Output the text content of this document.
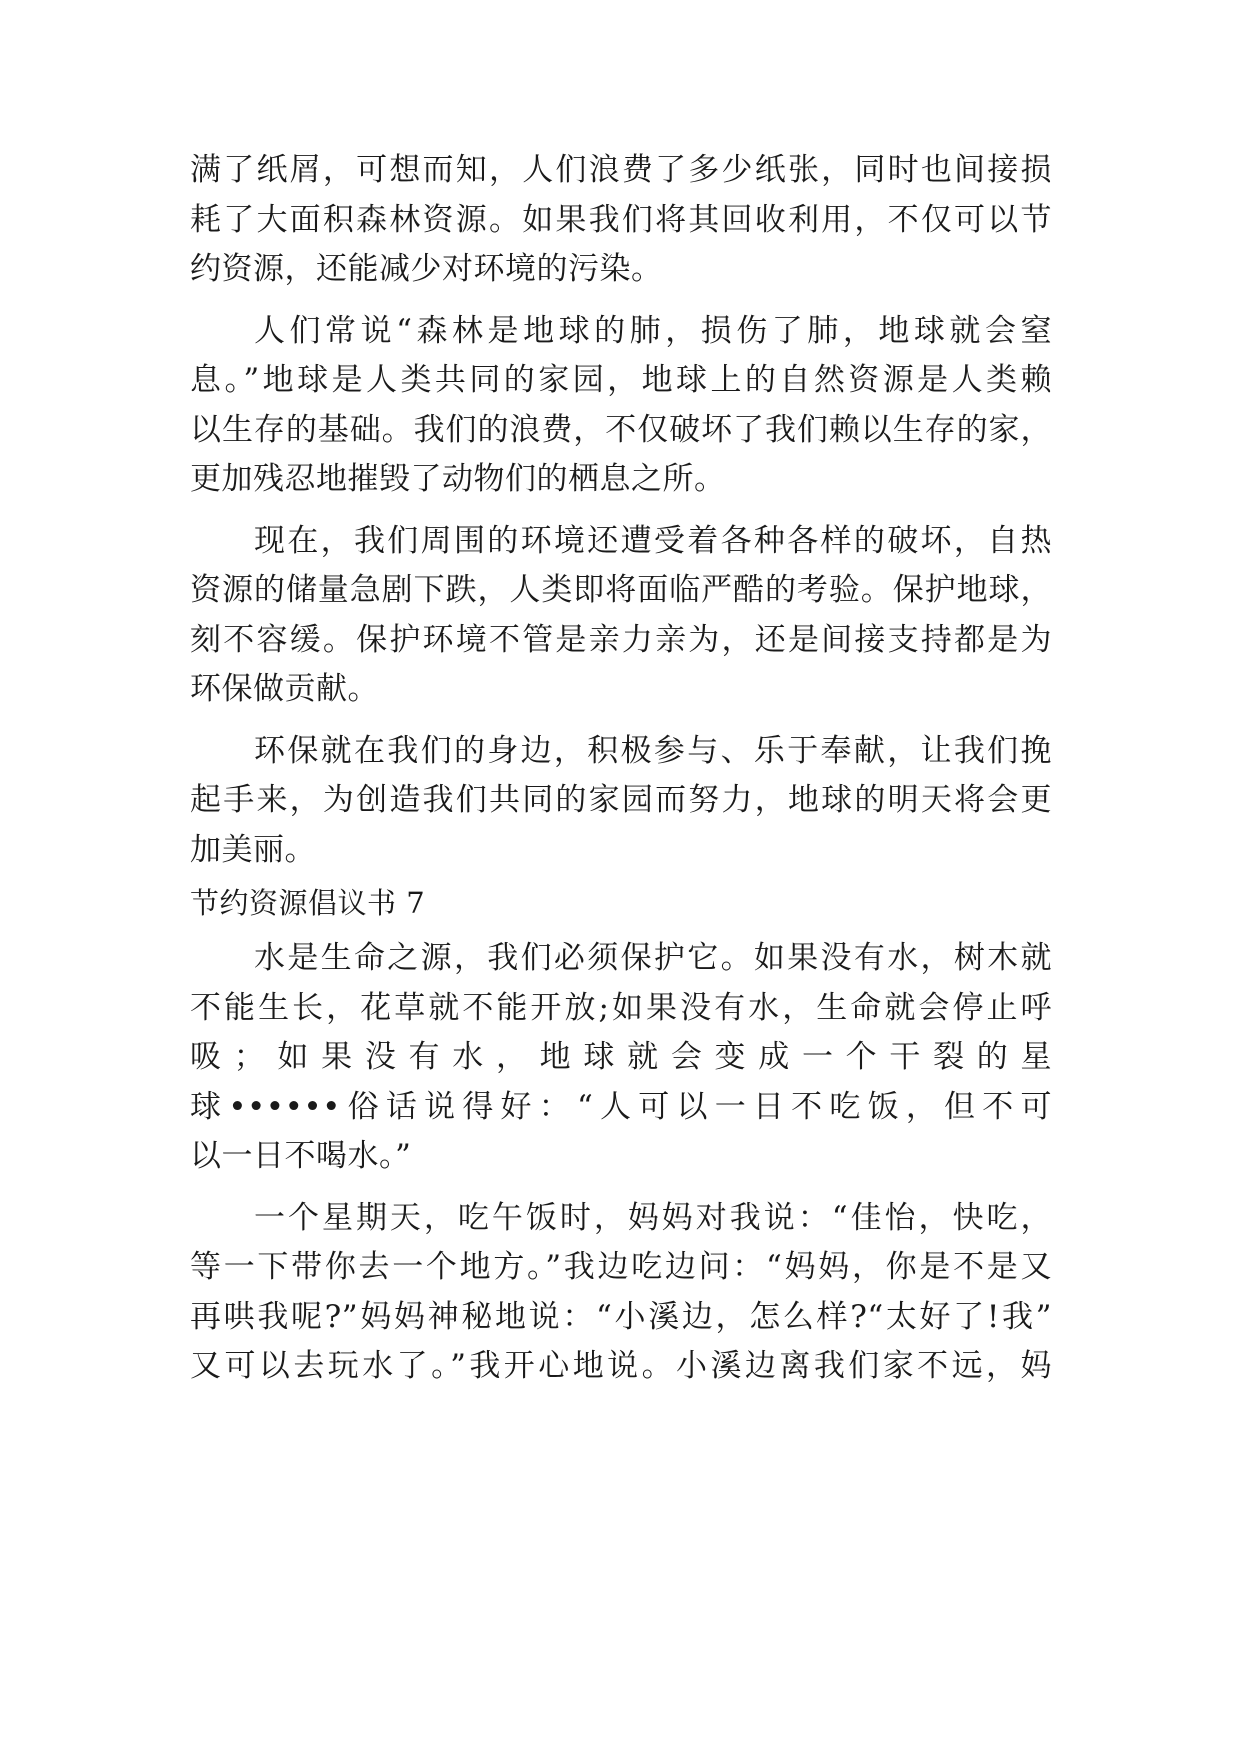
满了纸屑，可想而知，人们浪费了多少纸张，同时也间接损
耗了大面积森林资源。如果我们将其回收利用，不仅可以节
约资源，还能减少对环境的污染。
人们常说“森林是地球的肺，损伤了肺，地球就会窒
息。”地球是人类共同的家园，地球上的自然资源是人类赖
以生存的基础。我们的浪费，不仅破坏了我们赖以生存的家，
更加残忍地摧毁了动物们的栖息之所。
现在，我们周围的环境还遭受着各种各样的破坏，自热
资源的储量急剧下跌，人类即将面临严酷的考验。保护地球，
刻不容缓。保护环境不管是亲力亲为，还是间接支持都是为
环保做贡献。
环保就在我们的身边，积极参与、乐于奉献，让我们挽
起手来，为创造我们共同的家园而努力，地球的明天将会更
加美丽。
节约资源倡议书 7
水是生命之源，我们必须保护它。如果没有水，树木就
不能生长，花草就不能开放;如果没有水，生命就会停止呼
吸；如果没有水，地球就会变成一个干裂的星
球••••••俗话说得好：“人可以一日不吃饭，但不可
以一日不喝水。”
一个星期天，吃午饭时，妈妈对我说：“佳怡，快吃，
等一下带你去一个地方。”我边吃边问：“妈妈，你是不是又
再哄我呢?”妈妈神秘地说：“小溪边，怎么样?“太好了!我”
又可以去玩水了。”我开心地说。小溪边离我们家不远，妈
